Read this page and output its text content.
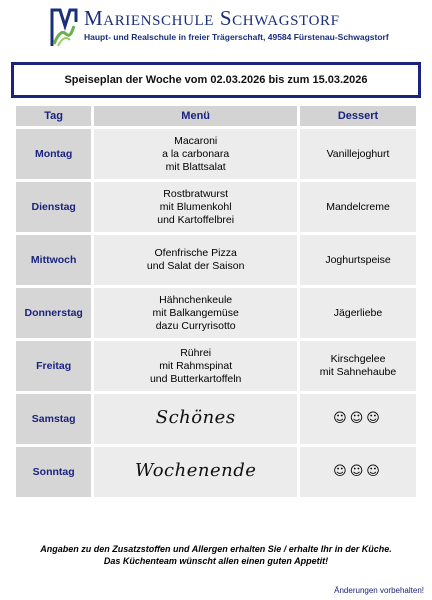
Marienschule Schwagstorf
Haupt- und Realschule in freier Trägerschaft, 49584 Fürstenau-Schwagstorf
Speiseplan der Woche vom 02.03.2026 bis zum 15.03.2026
Tag	Menü	Dessert
Montag	Macaroni
a la carbonara
mit Blattsalat	Vanillejoghurt

Dienstag	Rostbratwurst
mit Blumenkohl
und Kartoffelbrei	Mandelcreme

Mittwoch	Ofenfrische Pizza
und Salat der Saison	Joghurtspeise

Donnerstag	Hähnchenkeule
mit Balkangemüse
dazu Curryrisotto	Jägerliebe

Freitag	Rührei
mit Rahmspinat
und Butterkartoffeln	Kirschgelee
mit Sahnehaube

Samstag	Schönes	☺☺☺
Sonntag	Wochenende	☺☺☺
Angaben zu den Zusatzstoffen und Allergen erhalten Sie / erhalte Ihr in der Küche.
Das Küchenteam wünscht allen einen guten Appetit!
Änderungen vorbehalten!
